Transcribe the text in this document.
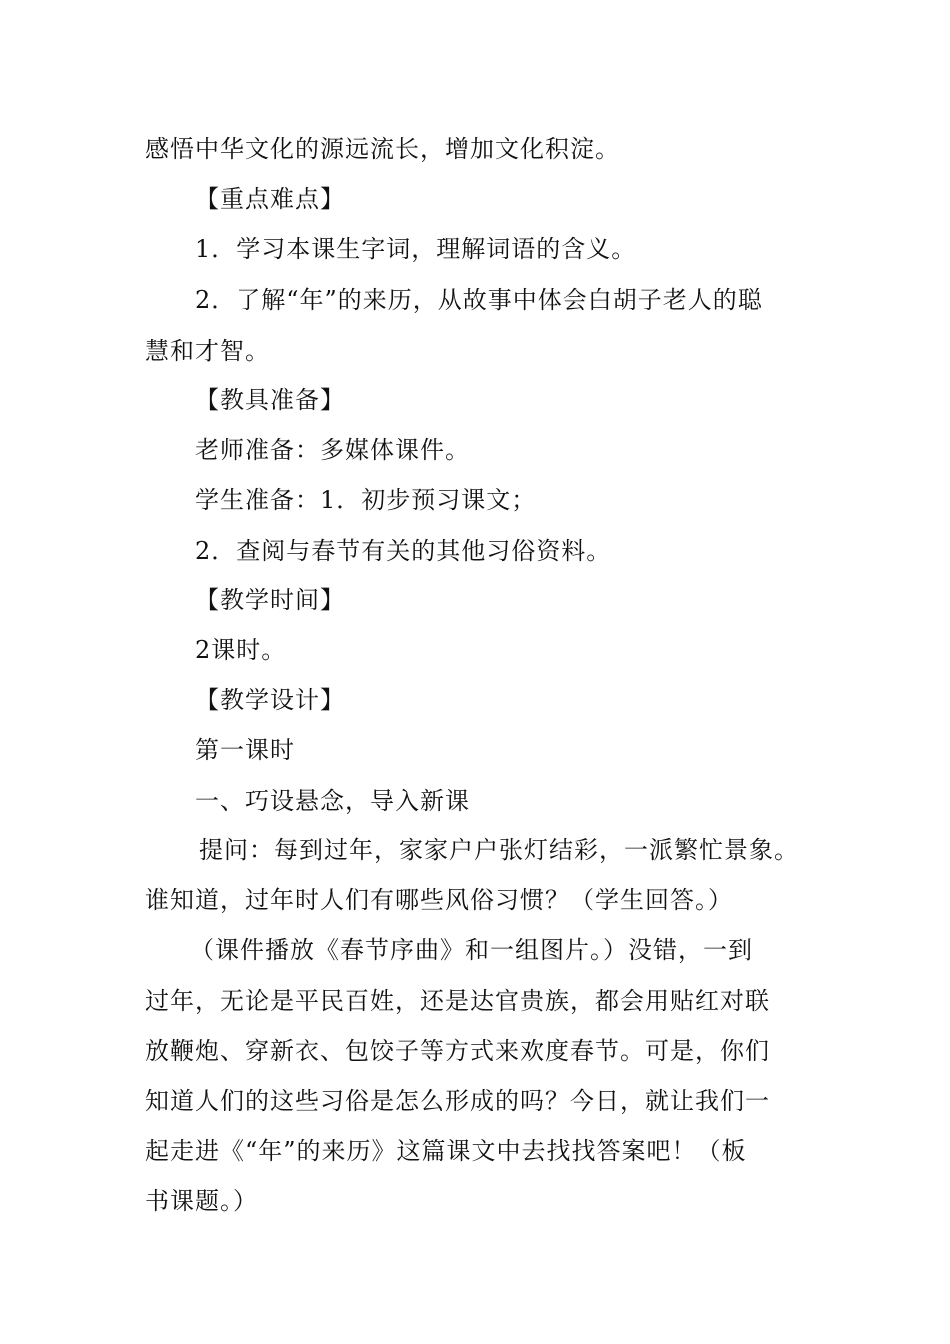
感悟中华文化的源远流长，增加文化积淀。
【重点难点】
1．学习本课生字词，理解词语的含义。
2．了解“年”的来历，从故事中体会白胡子老人的聪
慧和才智。
【教具准备】
老师准备：多媒体课件。
学生准备：1．初步预习课文；
2．查阅与春节有关的其他习俗资料。
【教学时间】
2课时。
【教学设计】
第一课时
一、巧设悬念，导入新课
提问：每到过年，家家户户张灯结彩，一派繁忙景象。
谁知道，过年时人们有哪些风俗习惯？（学生回答。）
（课件播放《春节序曲》和一组图片。）没错，一到
过年，无论是平民百姓，还是达官贵族，都会用贴红对联
放鞭炮、穿新衣、包饺子等方式来欢度春节。可是，你们
知道人们的这些习俗是怎么形成的吗？今日，就让我们一
起走进《“年”的来历》这篇课文中去找找答案吧！（板
书课题。）
